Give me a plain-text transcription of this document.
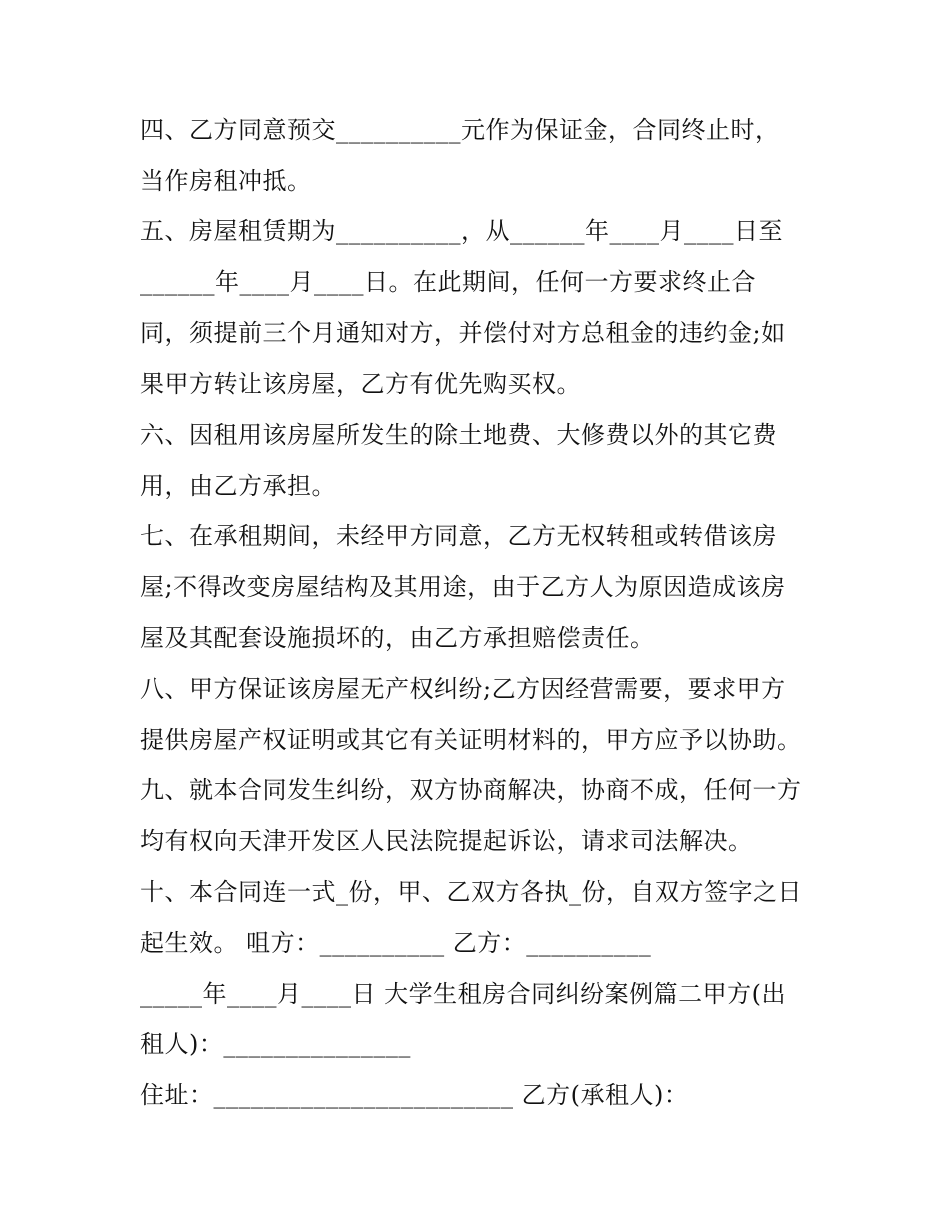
四、乙方同意预交__________元作为保证金，合同终止时，
当作房租冲抵。
五、房屋租赁期为__________，从______年____月____日至
______年____月____日。在此期间，任何一方要求终止合
同，须提前三个月通知对方，并偿付对方总租金的违约金;如
果甲方转让该房屋，乙方有优先购买权。
六、因租用该房屋所发生的除土地费、大修费以外的其它费
用，由乙方承担。
七、在承租期间，未经甲方同意，乙方无权转租或转借该房
屋;不得改变房屋结构及其用途，由于乙方人为原因造成该房
屋及其配套设施损坏的，由乙方承担赔偿责任。
八、甲方保证该房屋无产权纠纷;乙方因经营需要，要求甲方
提供房屋产权证明或其它有关证明材料的，甲方应予以协助。
九、就本合同发生纠纷，双方协商解决，协商不成，任何一方
均有权向天津开发区人民法院提起诉讼，请求司法解决。
十、本合同连一式_份，甲、乙双方各执_份，自双方签字之日
起生效。 咀方：__________ 乙方：__________
_____年____月____日 大学生租房合同纠纷案例篇二甲方(出
租人)：_______________
住址：________________________ 乙方(承租人)：
